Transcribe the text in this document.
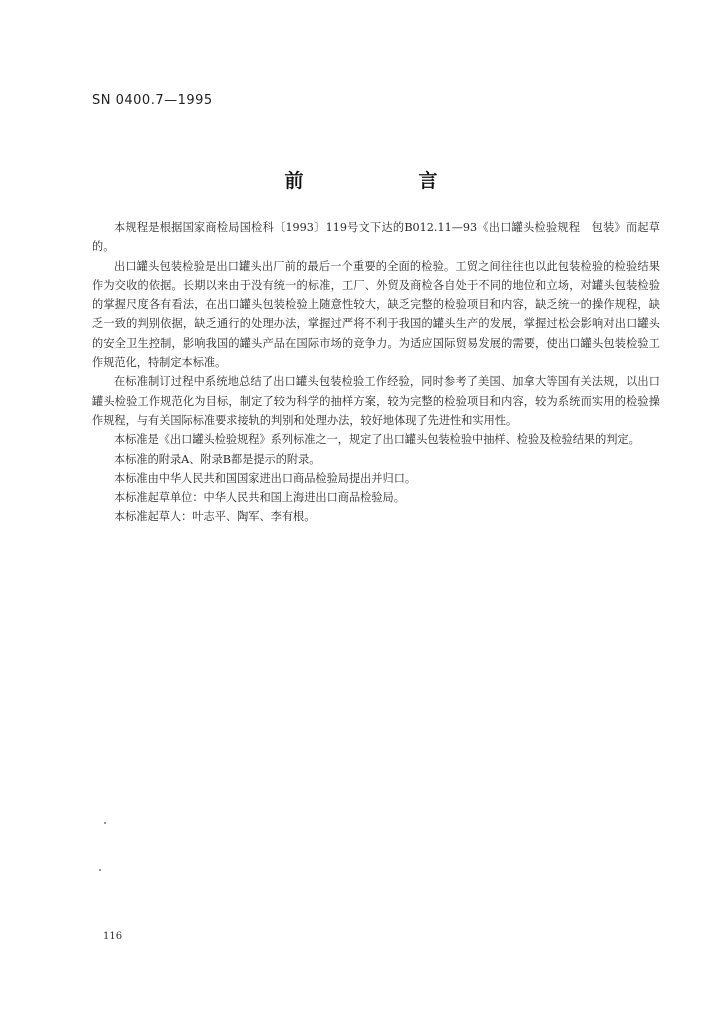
SN 0400.7—1995
前　言

本规程是根据国家商检局国检科〔1993〕119号文下达的B012.11—93《出口罐头检验规程　包装》而起草的。

出口罐头包装检验是出口罐头出厂前的最后一个重要的全面的检验。工贸之间往往也以此包装检验的检验结果作为交收的依据。长期以来由于没有统一的标准，工厂、外贸及商检各自处于不同的地位和立场，对罐头包装检验的掌握尺度各有看法，在出口罐头包装检验上随意性较大，缺乏完整的检验项目和内容，缺乏统一的操作规程，缺乏一致的判别依据，缺乏通行的处理办法，掌握过严将不利于我国的罐头生产的发展，掌握过松会影响对出口罐头的安全卫生控制，影响我国的罐头产品在国际市场的竞争力。为适应国际贸易发展的需要，使出口罐头包装检验工作规范化，特制定本标准。

在标准制订过程中系统地总结了出口罐头包装检验工作经验，同时参考了美国、加拿大等国有关法规，以出口罐头检验工作规范化为目标，制定了较为科学的抽样方案，较为完整的检验项目和内容，较为系统而实用的检验操作规程，与有关国际标准要求接轨的判别和处理办法，较好地体现了先进性和实用性。

本标准是《出口罐头检验规程》系列标准之一，规定了出口罐头包装检验中抽样、检验及检验结果的判定。

本标准的附录A、附录B都是提示的附录。

本标准由中华人民共和国国家进出口商品检验局提出并归口。

本标准起草单位：中华人民共和国上海进出口商品检验局。

本标准起草人：叶志平、陶军、李有根。

116
